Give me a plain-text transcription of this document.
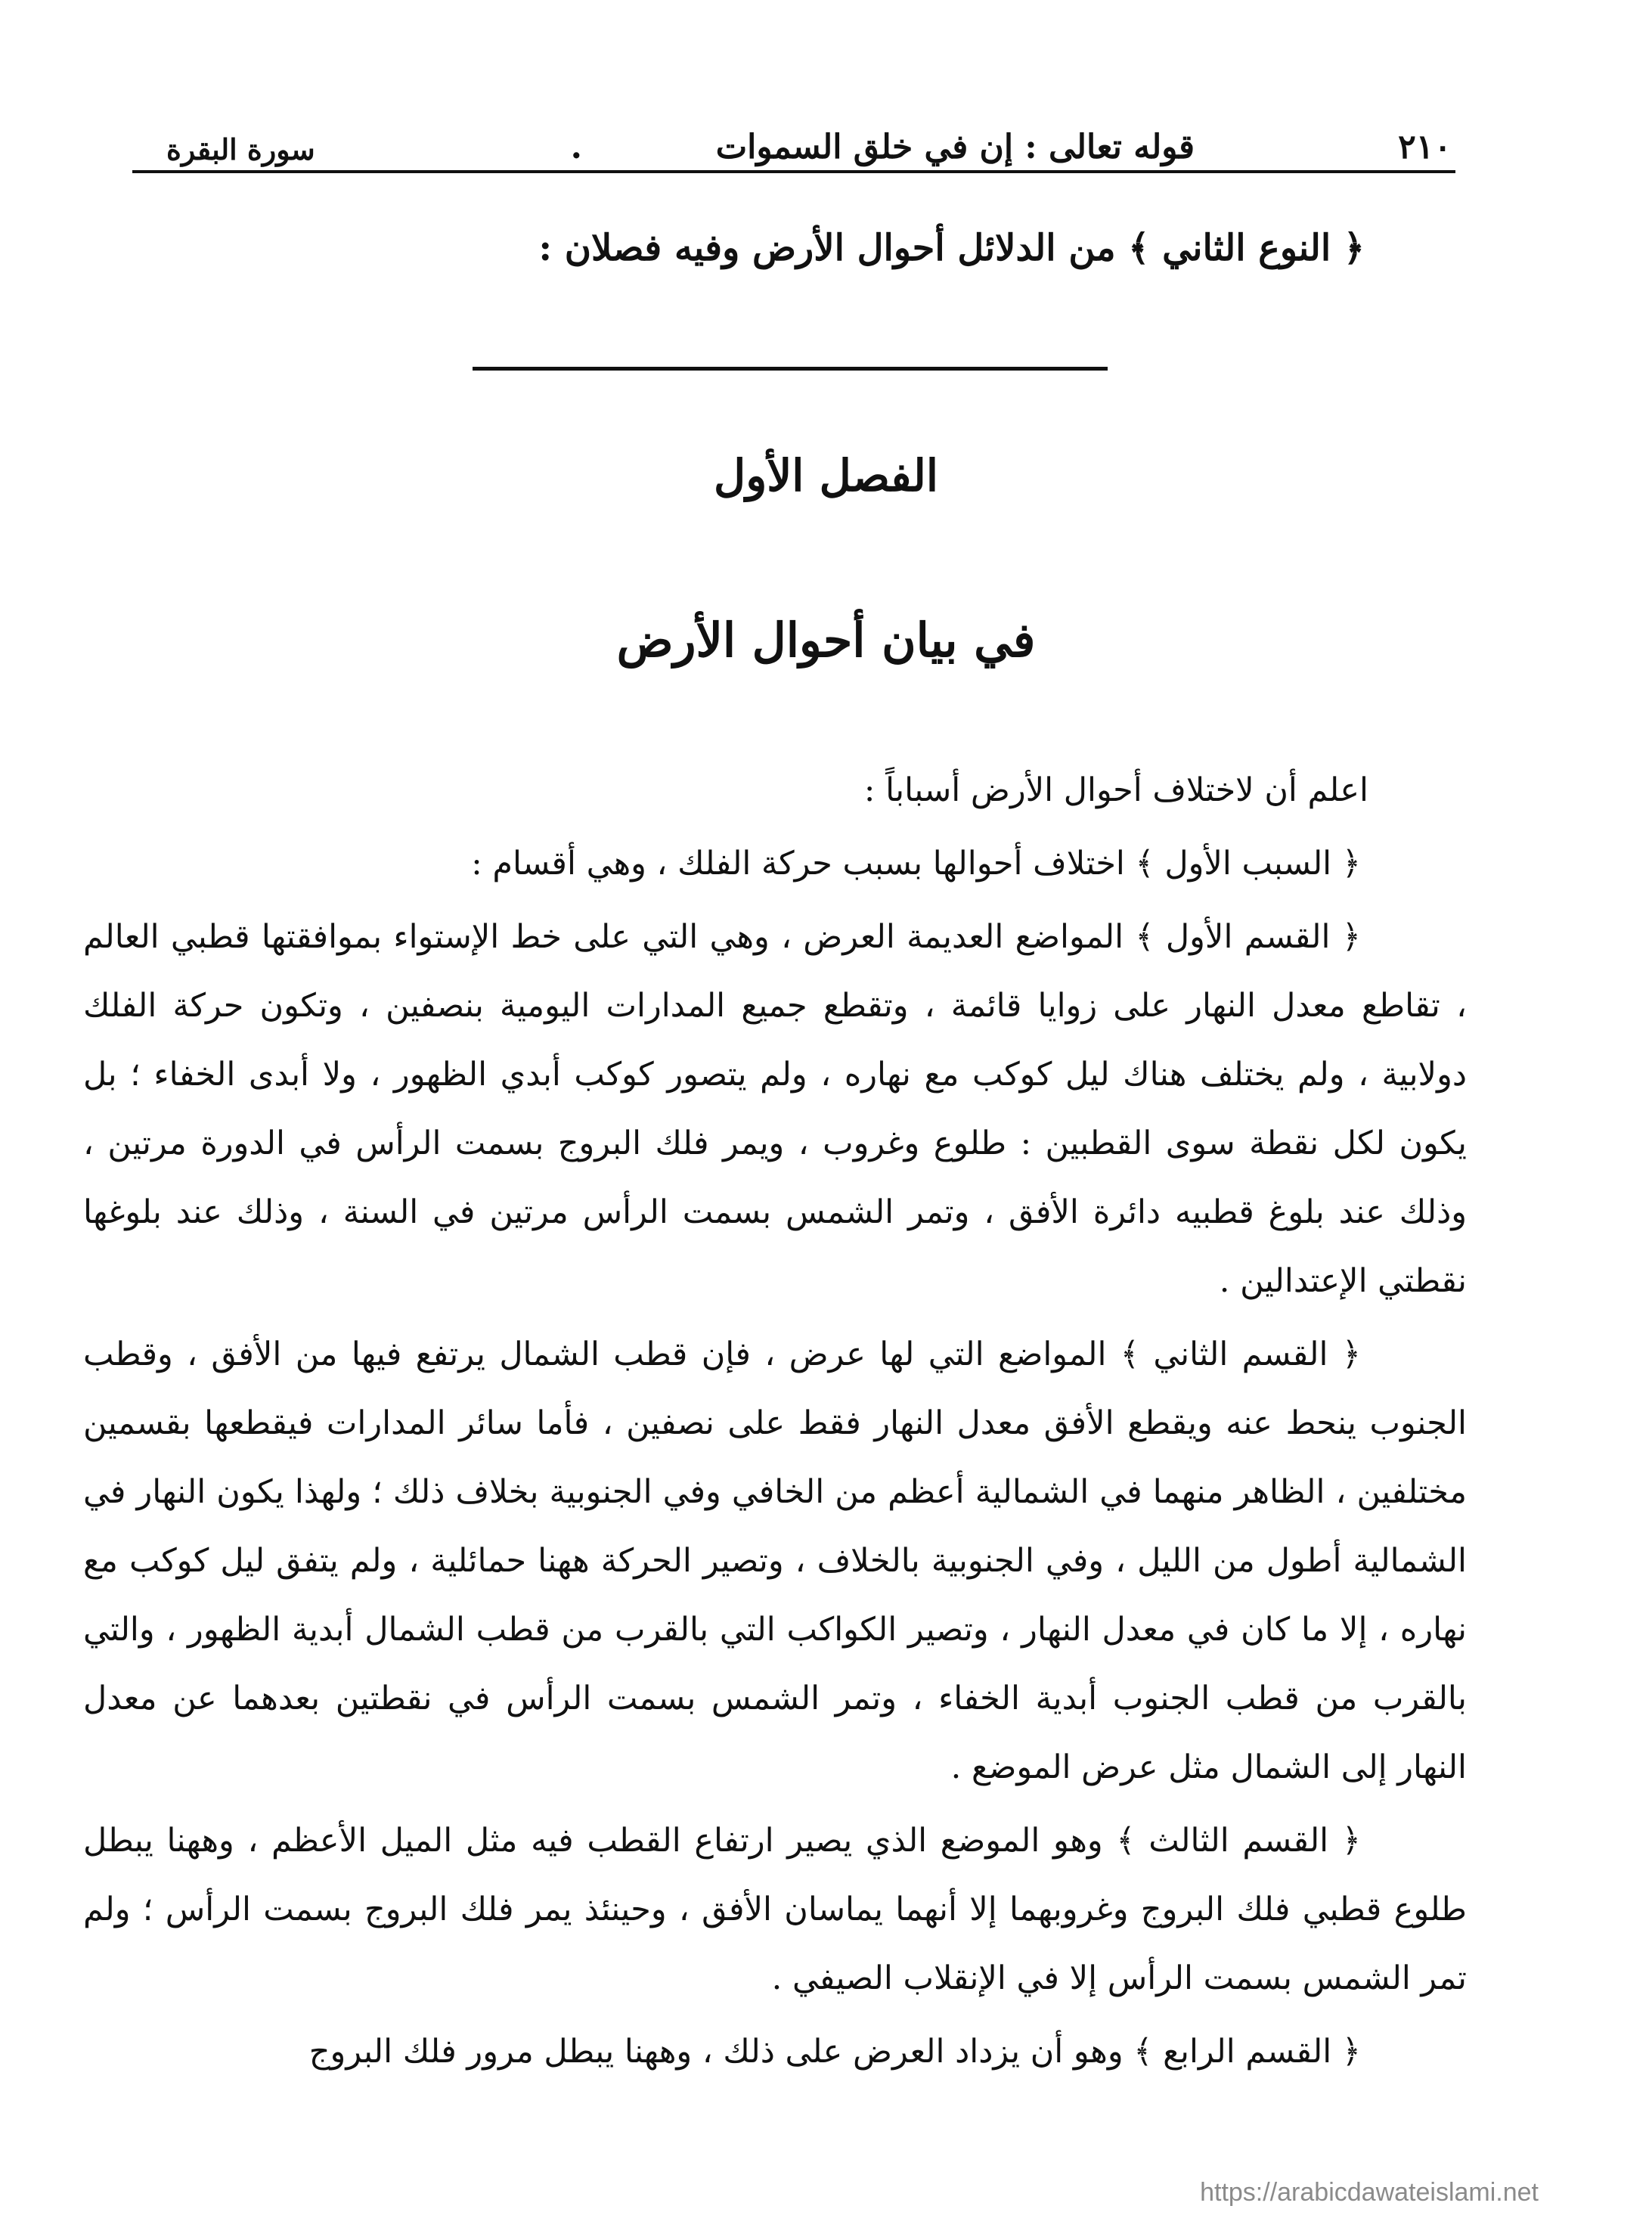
٢١٠
قوله تعالى : إن في خلق السموات
.
سورة البقرة
﴿ النوع الثاني ﴾ من الدلائل أحوال الأرض وفيه فصلان :
الفصل الأول
في بيان أحوال الأرض

اعلم أن لاختلاف أحوال الأرض أسباباً :

﴿ السبب الأول ﴾ اختلاف أحوالها بسبب حركة الفلك ، وهي أقسام :

﴿ القسم الأول ﴾ المواضع العديمة العرض ، وهي التي على خط الإستواء بموافقتها قطبي العالم ، تقاطع معدل النهار على زوايا قائمة ، وتقطع جميع المدارات اليومية بنصفين ، وتكون حركة الفلك دولابية ، ولم يختلف هناك ليل كوكب مع نهاره ، ولم يتصور كوكب أبدي الظهور ، ولا أبدى الخفاء ؛ بل يكون لكل نقطة سوى القطبين : طلوع وغروب ، ويمر فلك البروج بسمت الرأس في الدورة مرتين ، وذلك عند بلوغ قطبيه دائرة الأفق ، وتمر الشمس بسمت الرأس مرتين في السنة ، وذلك عند بلوغها نقطتي الإعتدالين .

﴿ القسم الثاني ﴾ المواضع التي لها عرض ، فإن قطب الشمال يرتفع فيها من الأفق ، وقطب الجنوب ينحط عنه ويقطع الأفق معدل النهار فقط على نصفين ، فأما سائر المدارات فيقطعها بقسمين مختلفين ، الظاهر منهما في الشمالية أعظم من الخافي وفي الجنوبية بخلاف ذلك ؛ ولهذا يكون النهار في الشمالية أطول من الليل ، وفي الجنوبية بالخلاف ، وتصير الحركة ههنا حمائلية ، ولم يتفق ليل كوكب مع نهاره ، إلا ما كان في معدل النهار ، وتصير الكواكب التي بالقرب من قطب الشمال أبدية الظهور ، والتي بالقرب من قطب الجنوب أبدية الخفاء ، وتمر الشمس بسمت الرأس في نقطتين بعدهما عن معدل النهار إلى الشمال مثل عرض الموضع .

﴿ القسم الثالث ﴾ وهو الموضع الذي يصير ارتفاع القطب فيه مثل الميل الأعظم ، وههنا يبطل طلوع قطبي فلك البروج وغروبهما إلا أنهما يماسان الأفق ، وحينئذ يمر فلك البروج بسمت الرأس ؛ ولم تمر الشمس بسمت الرأس إلا في الإنقلاب الصيفي .

﴿ القسم الرابع ﴾ وهو أن يزداد العرض على ذلك ، وههنا يبطل مرور فلك البروج

https://arabicdawateislami.net
